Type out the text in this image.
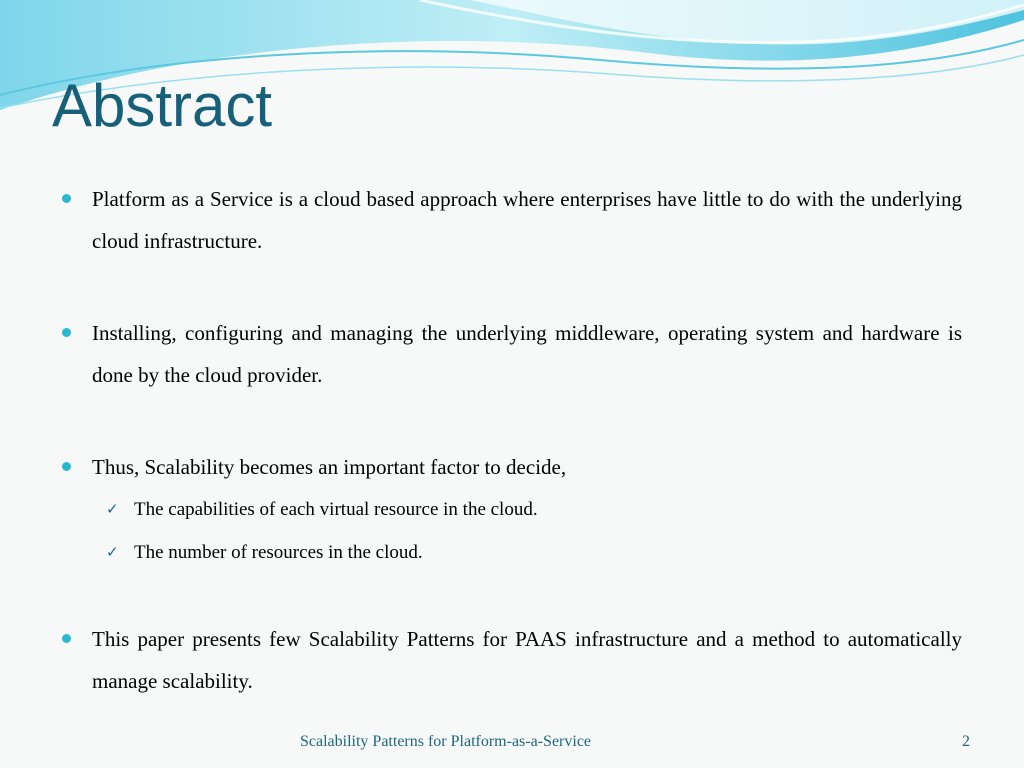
Abstract
Platform as a Service is a cloud based approach where enterprises have little to do with the underlying cloud infrastructure.
Installing, configuring and managing the underlying middleware, operating system and hardware is done by the cloud provider.
Thus, Scalability becomes an important factor to decide,
✓ The capabilities of each virtual resource in the cloud.
✓ The number of resources in the cloud.
This paper presents few Scalability Patterns for PAAS infrastructure and a method to automatically manage scalability.
Scalability Patterns for Platform-as-a-Service	2
